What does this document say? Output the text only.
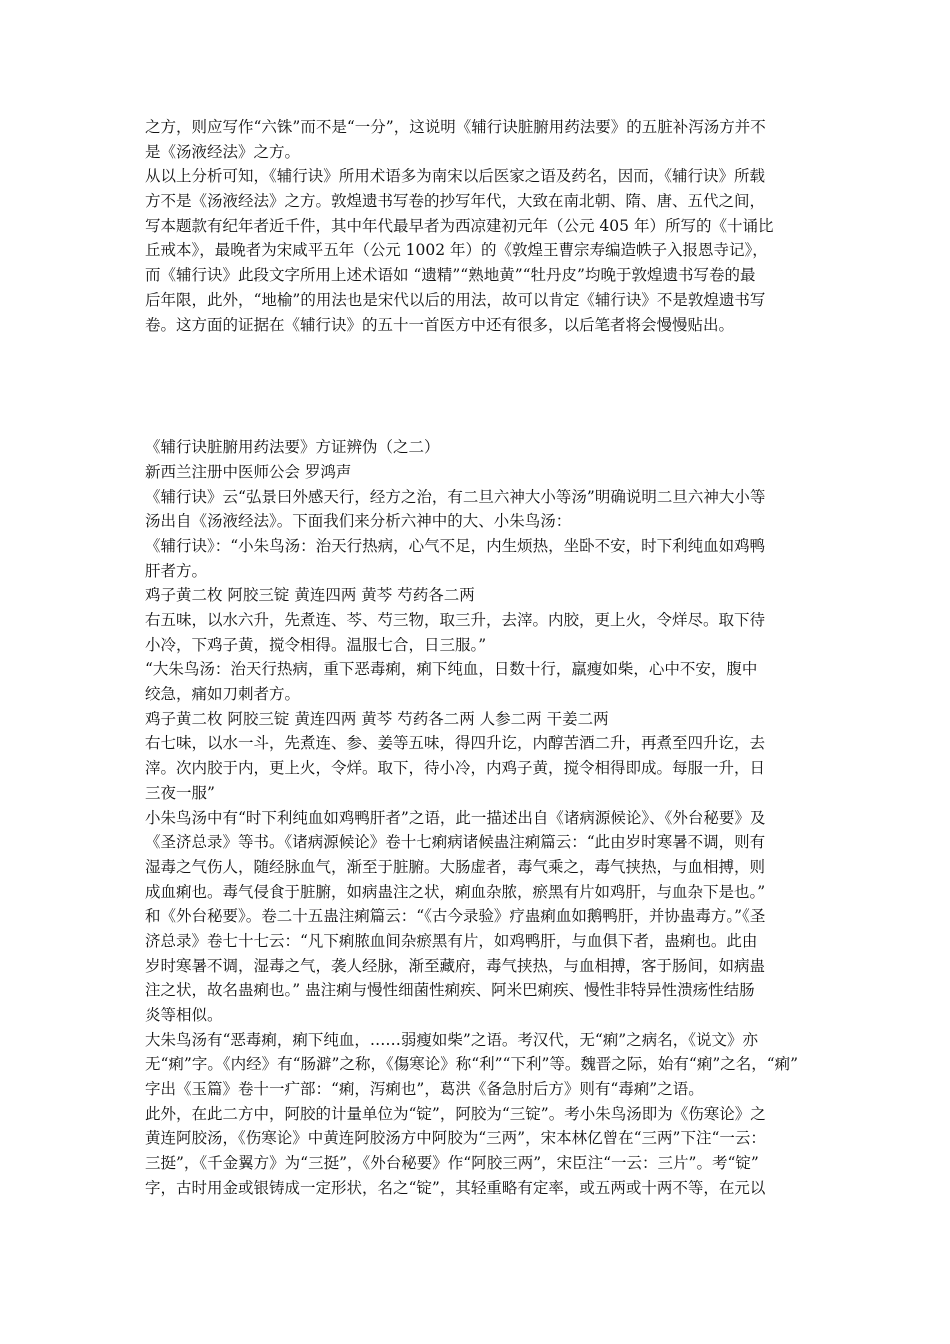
之方，则应写作“六铢”而不是“一分”，这说明《辅行诀脏腑用药法要》的五脏补泻汤方并不
是《汤液经法》之方。
从以上分析可知，《辅行诀》所用术语多为南宋以后医家之语及药名，因而，《辅行诀》所载
方不是《汤液经法》之方。敦煌遗书写卷的抄写年代，大致在南北朝、隋、唐、五代之间，
写本题款有纪年者近千件，其中年代最早者为西凉建初元年（公元 405 年）所写的《十诵比
丘戒本》，最晚者为宋咸平五年（公元 1002 年）的《敦煌王曹宗寿编造帙子入报恩寺记》，
而《辅行诀》此段文字所用上述术语如 “遗精”“熟地黄”“牡丹皮”均晚于敦煌遗书写卷的最
后年限，此外，“地榆”的用法也是宋代以后的用法，故可以肯定《辅行诀》不是敦煌遗书写
卷。这方面的证据在《辅行诀》的五十一首医方中还有很多，以后笔者将会慢慢贴出。
《辅行诀脏腑用药法要》方证辨伪（之二）
新西兰注册中医师公会 罗鸿声
《辅行诀》云“弘景曰外感天行，经方之治，有二旦六神大小等汤”明确说明二旦六神大小等
汤出自《汤液经法》。下面我们来分析六神中的大、小朱鸟汤：
《辅行诀》：“小朱鸟汤：治天行热病，心气不足，内生烦热，坐卧不安，时下利纯血如鸡鸭
肝者方。
鸡子黄二枚 阿胶三锭 黄连四两 黄芩 芍药各二两
右五味，以水六升，先煮连、芩、芍三物，取三升，去滓。内胶，更上火，令烊尽。取下待
小冷，下鸡子黄，搅令相得。温服七合，日三服。”
“大朱鸟汤：治天行热病，重下恶毒痢，痢下纯血，日数十行，羸瘦如柴，心中不安，腹中
绞急，痛如刀刺者方。
鸡子黄二枚 阿胶三锭 黄连四两 黄芩 芍药各二两 人参二两 干姜二两
右七味，以水一斗，先煮连、参、姜等五味，得四升讫，内醇苦酒二升，再煮至四升讫，去
滓。次内胶于内，更上火，令烊。取下，待小冷，内鸡子黄，搅令相得即成。每服一升，日
三夜一服”
小朱鸟汤中有“时下利纯血如鸡鸭肝者”之语，此一描述出自《诸病源候论》、《外台秘要》及
《圣济总录》等书。《诸病源候论》卷十七痢病诸候蛊注痢篇云：“此由岁时寒暑不调，则有
湿毒之气伤人，随经脉血气，渐至于脏腑。大肠虚者，毒气乘之，毒气挟热，与血相搏，则
成血痢也。毒气侵食于脏腑，如病蛊注之状，痢血杂脓，瘀黑有片如鸡肝，与血杂下是也。”
和《外台秘要》。卷二十五蛊注痢篇云：“《古今录验》疗蛊痢血如鹅鸭肝，并协蛊毒方。”《圣
济总录》卷七十七云：“凡下痢脓血间杂瘀黑有片，如鸡鸭肝，与血俱下者，蛊痢也。此由
岁时寒暑不调，湿毒之气，袭人经脉，渐至藏府，毒气挟热，与血相搏，客于肠间，如病蛊
注之状，故名蛊痢也。” 蛊注痢与慢性细菌性痢疾、阿米巴痢疾、慢性非特异性溃疡性结肠
炎等相似。
大朱鸟汤有“恶毒痢，痢下纯血，……弱瘦如柴”之语。考汉代，无“痢”之病名，《说文》亦
无“痢”字。《内经》有“肠澼”之称，《傷寒论》称“利”“下利”等。魏晋之际，始有“痢”之名，“痢”
字出《玉篇》卷十一疒部：“痢，泻痢也”，葛洪《备急肘后方》则有“毒痢”之语。
此外，在此二方中，阿胶的计量单位为“锭”，阿胶为“三锭”。考小朱鸟汤即为《伤寒论》之
黄连阿胶汤，《伤寒论》中黄连阿胶汤方中阿胶为“三两”，宋本林亿曾在“三两”下注“一云：
三挺”，《千金翼方》为“三挺”，《外台秘要》作“阿胶三两”，宋臣注“一云：三片”。考“锭”
字，古时用金或银铸成一定形状，名之“锭”，其轻重略有定率，或五两或十两不等，在元以
